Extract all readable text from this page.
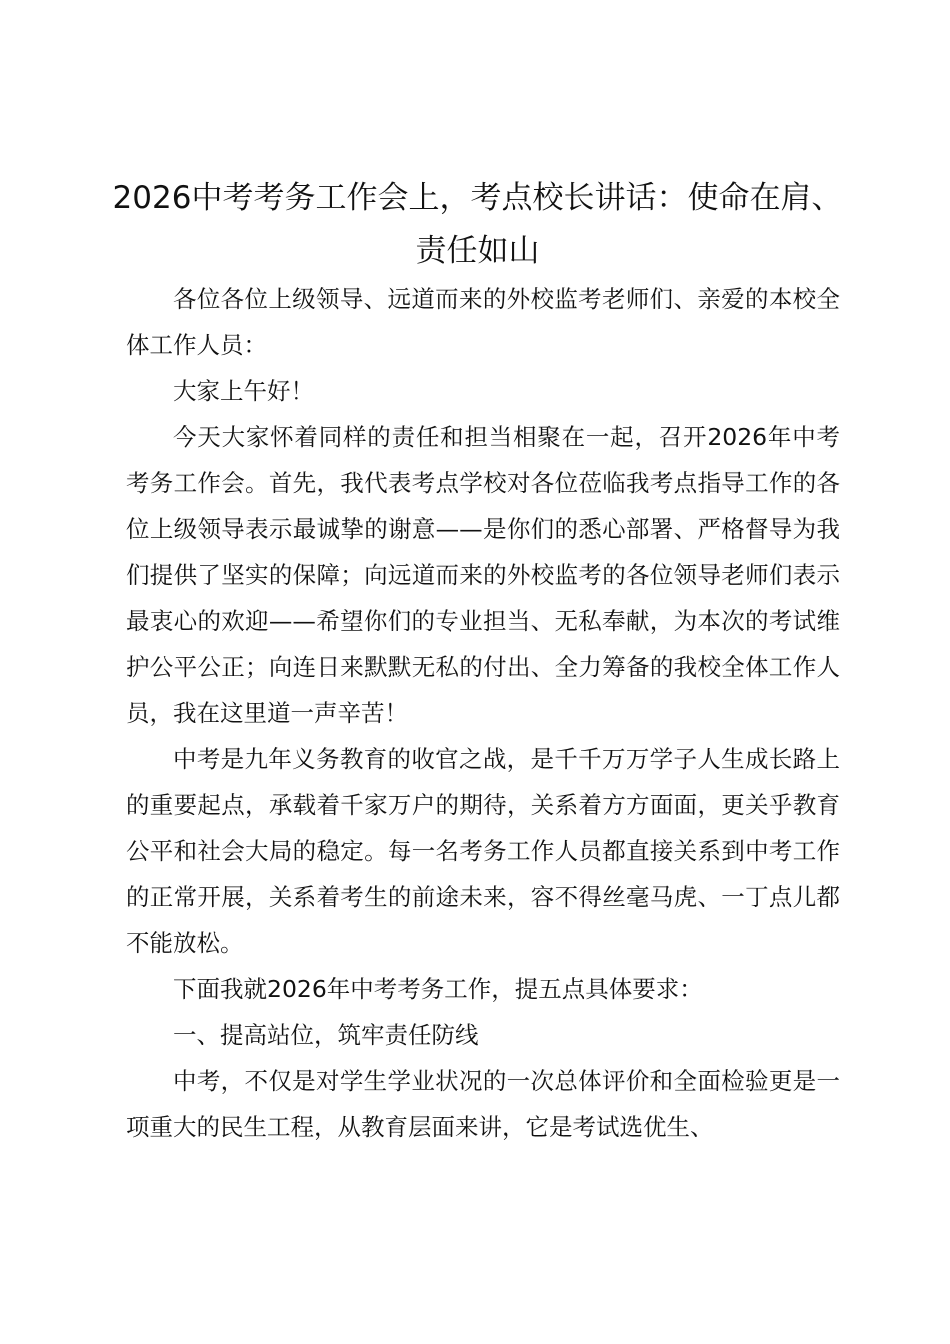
2026中考考务工作会上，考点校长讲话：使命在肩、责任如山

各位各位上级领导、远道而来的外校监考老师们、亲爱的本校全体工作人员：

大家上午好！

今天大家怀着同样的责任和担当相聚在一起，召开2026年中考考务工作会。首先，我代表考点学校对各位莅临我考点指导工作的各位上级领导表示最诚挚的谢意——是你们的悉心部署、严格督导为我们提供了坚实的保障；向远道而来的外校监考的各位领导老师们表示最衷心的欢迎——希望你们的专业担当、无私奉献，为本次的考试维护公平公正；向连日来默默无私的付出、全力筹备的我校全体工作人员，我在这里道一声辛苦！

中考是九年义务教育的收官之战，是千千万万学子人生成长路上的重要起点，承载着千家万户的期待，关系着方方面面，更关乎教育公平和社会大局的稳定。每一名考务工作人员都直接关系到中考工作的正常开展，关系着考生的前途未来，容不得丝毫马虎、一丁点儿都不能放松。

下面我就2026年中考考务工作，提五点具体要求：

一、提高站位，筑牢责任防线

中考，不仅是对学生学业状况的一次总体评价和全面检验更是一项重大的民生工程，从教育层面来讲，它是考试选优生、
